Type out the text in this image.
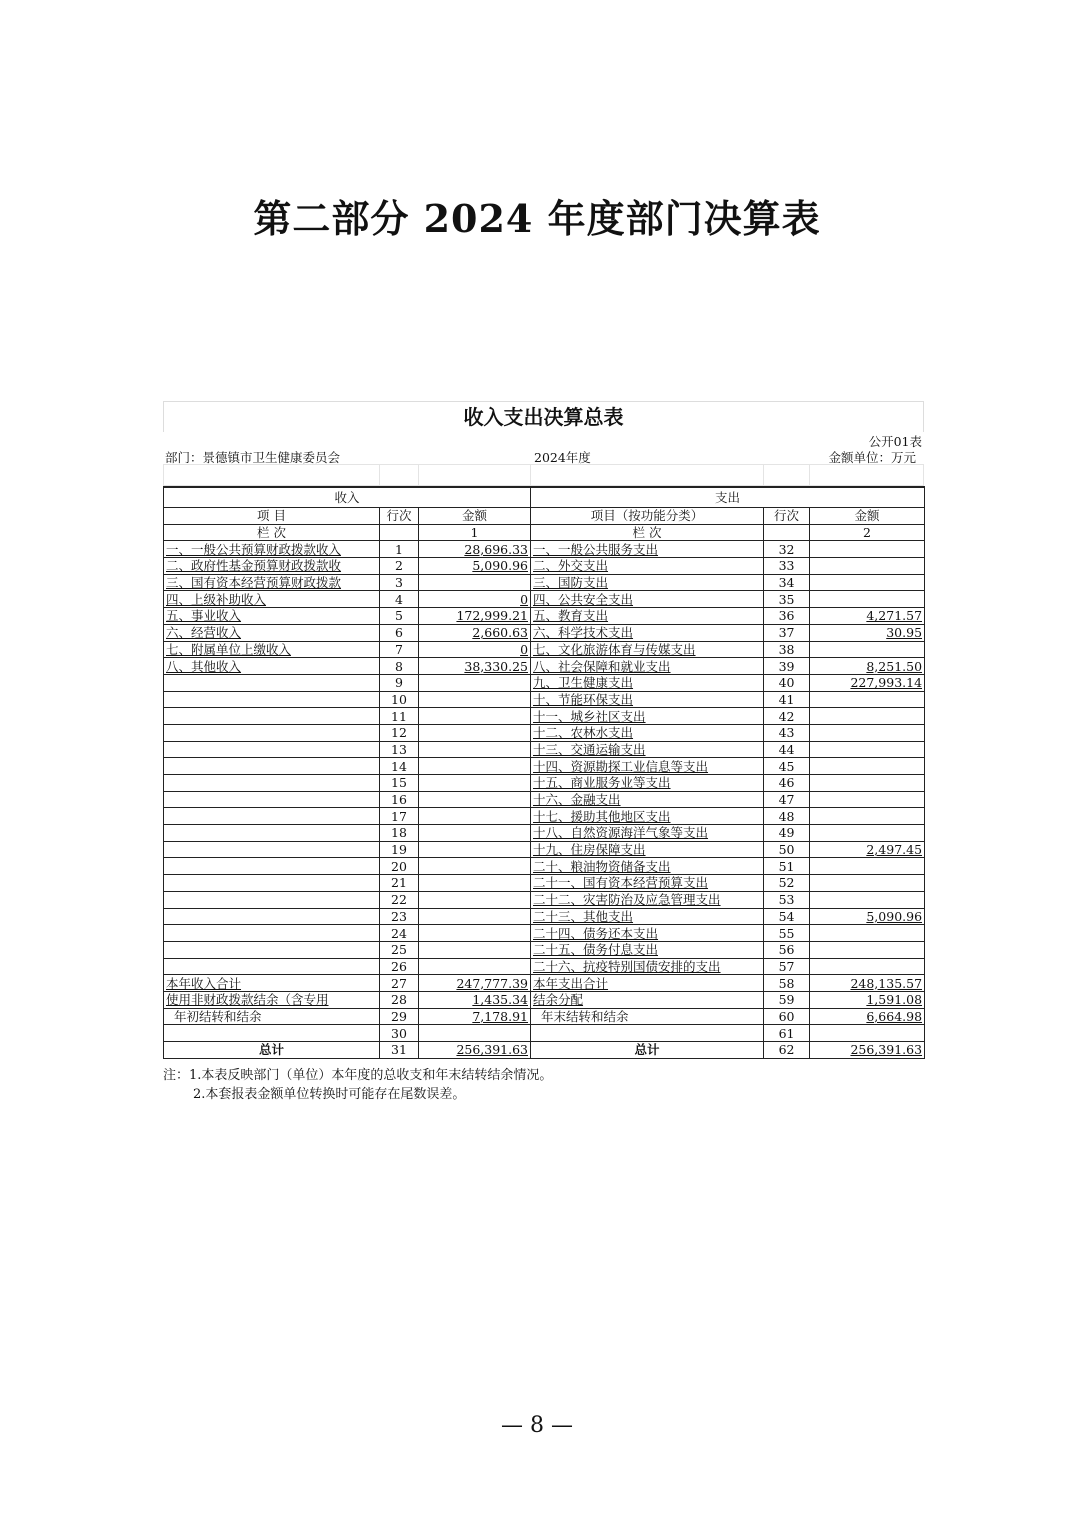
第二部分 2024 年度部门决算表
收入支出决算总表
公开01表
部门：景德镇市卫生健康委员会	2024年度	金额单位：万元
收入			支出		
项 目	行次	金额	项目（按功能分类）	行次	金额
栏 次		1	栏 次		2
一、一般公共预算财政拨款收入	1	28,696.33	一、一般公共服务支出	32	
二、政府性基金预算财政拨款收	2	5,090.96	二、外交支出	33	
三、国有资本经营预算财政拨款	3		三、国防支出	34	
四、上级补助收入	4	0	四、公共安全支出	35	
五、事业收入	5	172,999.21	五、教育支出	36	4,271.57
六、经营收入	6	2,660.63	六、科学技术支出	37	30.95
七、附属单位上缴收入	7	0	七、文化旅游体育与传媒支出	38	
八、其他收入	8	38,330.25	八、社会保障和就业支出	39	8,251.50
	9		九、卫生健康支出	40	227,993.14
	10		十、节能环保支出	41	
	11		十一、城乡社区支出	42	
	12		十二、农林水支出	43	
	13		十三、交通运输支出	44	
	14		十四、资源勘探工业信息等支出	45	
	15		十五、商业服务业等支出	46	
	16		十六、金融支出	47	
	17		十七、援助其他地区支出	48	
	18		十八、自然资源海洋气象等支出	49	
	19		十九、住房保障支出	50	2,497.45
	20		二十、粮油物资储备支出	51	
	21		二十一、国有资本经营预算支出	52	
	22		二十二、灾害防治及应急管理支出	53	
	23		二十三、其他支出	54	5,090.96
	24		二十四、债务还本支出	55	
	25		二十五、债务付息支出	56	
	26		二十六、抗疫特别国债安排的支出	57	
本年收入合计	27	247,777.39	本年支出合计	58	248,135.57
使用非财政拨款结余（含专用	28	1,435.34	结余分配	59	1,591.08
年初结转和结余	29	7,178.91	年末结转和结余	60	6,664.98
	30			61	
总计	31	256,391.63	总计	62	256,391.63
注：1.本表反映部门（单位）本年度的总收支和年末结转结余情况。
2.本套报表金额单位转换时可能存在尾数误差。
— 8 —
